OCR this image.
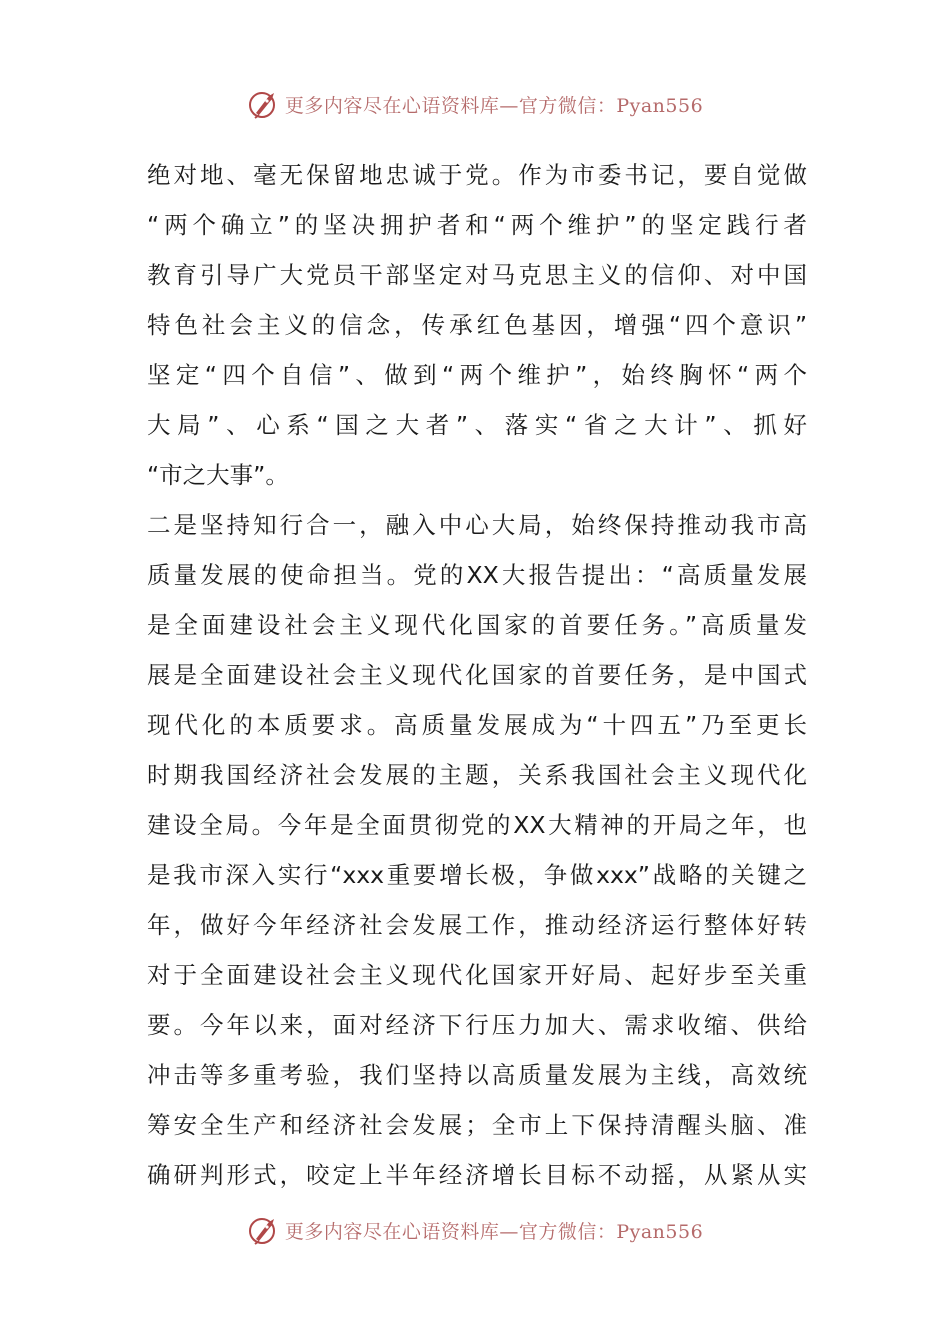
更多内容尽在心语资料库—官方微信：Pyan556
绝对地、毫无保留地忠诚于党。作为市委书记，要自觉做
“两个确立”的坚决拥护者和“两个维护”的坚定践行者
教育引导广大党员干部坚定对马克思主义的信仰、对中国
特色社会主义的信念，传承红色基因，增强“四个意识”
坚定“四个自信”、做到“两个维护”，始终胸怀“两个
大局”、心系“国之大者”、落实“省之大计”、抓好
“市之大事”。
二是坚持知行合一，融入中心大局，始终保持推动我市高
质量发展的使命担当。党的XX大报告提出：“高质量发展
是全面建设社会主义现代化国家的首要任务。”高质量发
展是全面建设社会主义现代化国家的首要任务，是中国式
现代化的本质要求。高质量发展成为“十四五”乃至更长
时期我国经济社会发展的主题，关系我国社会主义现代化
建设全局。今年是全面贯彻党的XX大精神的开局之年，也
是我市深入实行“xxx重要增长极，争做xxx”战略的关键之
年，做好今年经济社会发展工作，推动经济运行整体好转
对于全面建设社会主义现代化国家开好局、起好步至关重
要。今年以来，面对经济下行压力加大、需求收缩、供给
冲击等多重考验，我们坚持以高质量发展为主线，高效统
筹安全生产和经济社会发展；全市上下保持清醒头脑、准
确研判形式，咬定上半年经济增长目标不动摇，从紧从实
更多内容尽在心语资料库—官方微信：Pyan556
